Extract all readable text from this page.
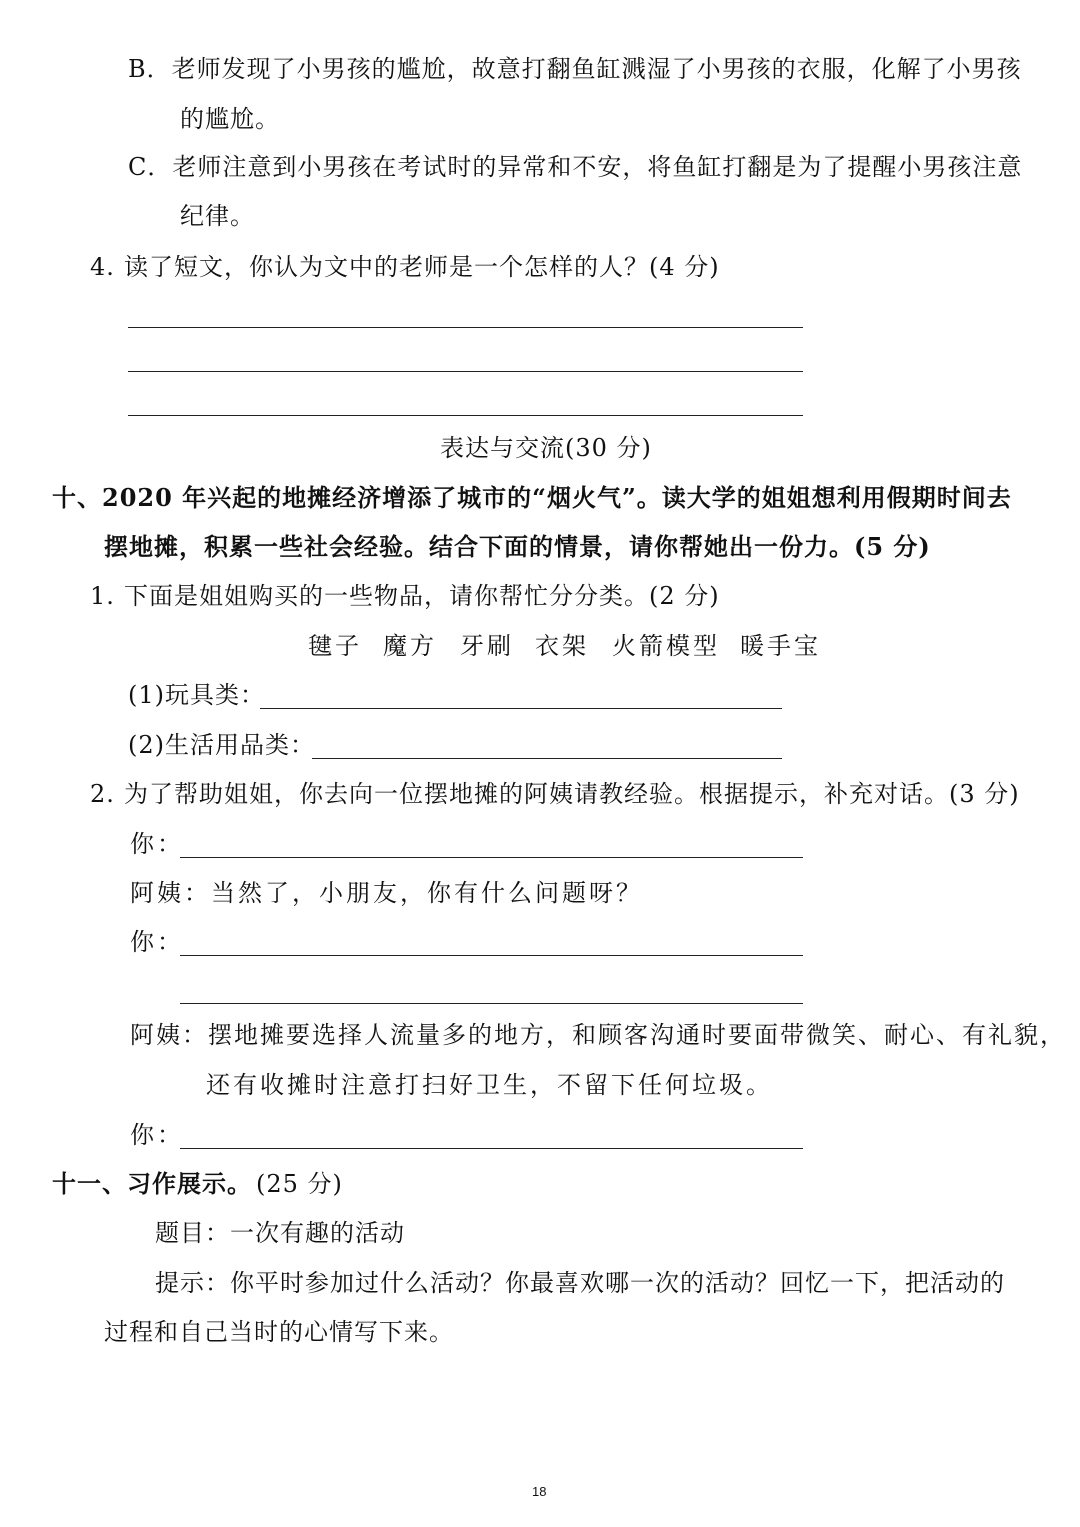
B．老师发现了小男孩的尴尬，故意打翻鱼缸溅湿了小男孩的衣服，化解了小男孩
的尴尬。
C．老师注意到小男孩在考试时的异常和不安，将鱼缸打翻是为了提醒小男孩注意
纪律。
4. 读了短文，你认为文中的老师是一个怎样的人？(4 分)
表达与交流(30 分)
十、2020 年兴起的地摊经济增添了城市的“烟火气”。读大学的姐姐想利用假期时间去
摆地摊，积累一些社会经验。结合下面的情景，请你帮她出一份力。(5 分)
1. 下面是姐姐购买的一些物品，请你帮忙分分类。(2 分)
毽子 魔方 牙刷 衣架 火箭模型 暖手宝
(1)玩具类：
(2)生活用品类：
2. 为了帮助姐姐，你去向一位摆地摊的阿姨请教经验。根据提示，补充对话。(3 分)
你：
阿姨：当然了，小朋友，你有什么问题呀？
你：
阿姨：摆地摊要选择人流量多的地方，和顾客沟通时要面带微笑、耐心、有礼貌，
还有收摊时注意打扫好卫生，不留下任何垃圾。
你：
十一、习作展示。 (25 分)
题目：一次有趣的活动
提示：你平时参加过什么活动？你最喜欢哪一次的活动？回忆一下，把活动的
过程和自己当时的心情写下来。
18
